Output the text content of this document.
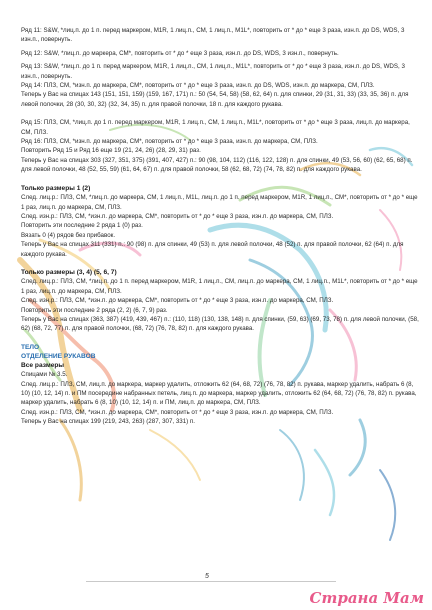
Ряд 11: S&W, *лиц.п. до 1 п. перед маркером, M1R, 1 лиц.п., СМ, 1 лиц.п., M1L*, повторить от * до * еще 3 раза, изн.п. до DS, WDS, 3 изн.п., повернуть.

Ряд 12: S&W, *лиц.п. до маркера, СМ*, повторить от * до * еще 3 раза, изн.п. до DS, WDS, 3 изн.п., повернуть.

Ряд 13: S&W, *лиц.п. до 1 п. перед маркером, M1R, 1 лиц.п., СМ, 1 лиц.п., M1L*, повторить от * до * еще 3 раза, изн.п. до DS, WDS, 3 изн.п., повернуть.

Ряд 14: ПЛЗ, СМ, *изн.п. до маркера, СМ*, повторить от * до * еще 3 раза, изн.п. до DS, WDS, изн.п. до маркера, СМ, ПЛЗ.

Теперь у Вас на спицах 143 (151, 151, 159) (159, 167, 171) п.: 50 (54, 54, 58) (58, 62, 64) п. для спинки, 29 (31, 31, 33) (33, 35, 36) п. для левой полочки, 28 (30, 30, 32) (32, 34, 35) п. для правой полочки, 18 п. для каждого рукава.

Ряд 15: ПЛЗ, СМ, *лиц.п. до 1 п. перед маркером, M1R, 1 лиц.п., СМ, 1 лиц.п., M1L*, повторить от * до * еще 3 раза, лиц.п. до маркера, СМ, ПЛЗ.

Ряд 16: ПЛЗ, СМ, *изн.п. до маркера, СМ*, повторить от * до * еще 3 раза, изн.п. до маркера, СМ, ПЛЗ.

Повторить Ряд 15 и Ряд 16 еще 19 (21, 24, 26) (28, 29, 31) раз.

Теперь у Вас на спицах 303 (327, 351, 375) (391, 407, 427) п.: 90 (98, 104, 112) (116, 122, 128) п. для спинки, 49 (53, 56, 60) (62, 65, 68) п. для левой полочки, 48 (52, 55, 59) (61, 64, 67) п. для правой полочки, 58 (62, 68, 72) (74, 78, 82) п. для каждого рукава.

Только размеры 1 (2)

След. лиц.р.: ПЛЗ, СМ, *лиц.п. до маркера, СМ, 1 лиц.п., M1L, лиц.п. до 1 п. перед маркером, M1R, 1 лиц.п., СМ*, повторить от * до * еще 1 раз, лиц.п. до маркера, СМ, ПЛЗ.

След. изн.р.: ПЛЗ, СМ, *изн.п. до маркера, СМ*, повторить от * до * еще 3 раза, изн.п. до маркера, СМ, ПЛЗ.

Повторить эти последние 2 ряда 1 (0) раз.

Вязать 0 (4) рядов без прибавок.

Теперь у Вас на спицах 311 (331) п.: 90 (98) п. для спинки, 49 (53) п. для левой полочки, 48 (52) п. для правой полочки, 62 (64) п. для каждого рукава.

Только размеры (3, 4) (5, 6, 7)

След. лиц.р.: ПЛЗ, СМ, *лиц.п. до 1 п. перед маркером, M1R, 1 лиц.п., СМ, лиц.п. до маркера, СМ, 1 лиц.п., M1L*, повторить от * до * еще 1 раз, лиц.п. до маркера, СМ, ПЛЗ.

След. изн.р.: ПЛЗ, СМ, *изн.п. до маркера, СМ*, повторить от * до * еще 3 раза, изн.п. до маркера, СМ, ПЛЗ.

Повторить эти последние 2 ряда (2, 2) (6, 7, 9) раз.

Теперь у Вас на спицах (363, 387) (419, 439, 467) п.: (110, 118) (130, 138, 148) п. для спинки, (59, 63) (69, 73, 78) п. для левой полочки, (58, 62) (68, 72, 77) п. для правой полочки, (68, 72) (76, 78, 82) п. для каждого рукава.

ТЕЛО

ОТДЕЛЕНИЕ РУКАВОВ

Все размеры

Спицами № 3.5.

След. лиц.р.: ПЛЗ, СМ, лиц.п. до маркера, маркер удалить, отложить 62 (64, 68, 72) (76, 78, 82) п. рукава, маркер удалить, набрать 6 (8, 10) (10, 12, 14) п. и ПМ посередине набранных петель, лиц.п. до маркера, маркер удалить, отложить 62 (64, 68, 72) (76, 78, 82) п. рукава, маркер удалить, набрать 6 (8, 10) (10, 12, 14) п. и ПМ, лиц.п. до маркера, СМ, ПЛЗ.

След. изн.р.: ПЛЗ, СМ, *изн.п. до маркера, СМ*, повторить от * до * еще 3 раза, изн.п. до маркера, СМ, ПЛЗ.

Теперь у Вас на спицах 199 (219, 243, 263) (287, 307, 331) п.

5
Страна Мам
